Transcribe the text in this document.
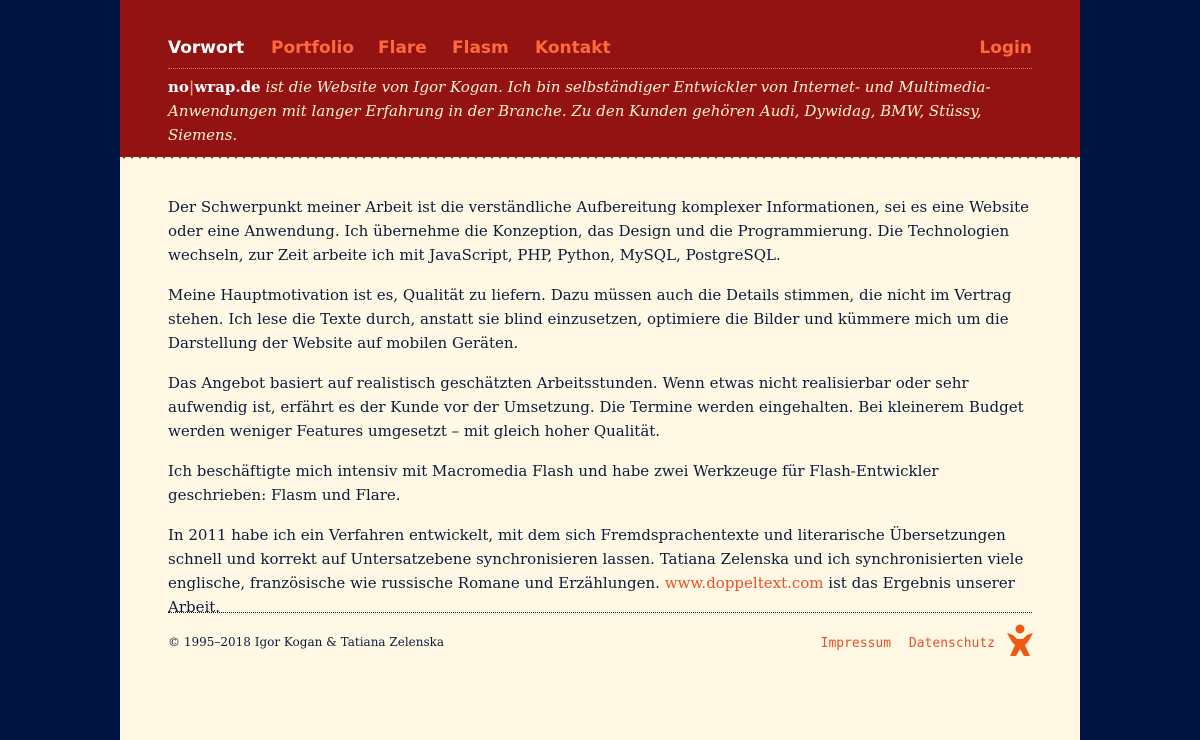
Vorwort Portfolio Flare Flasm Kontakt	Login
no|wrap.de ist die Website von Igor Kogan. Ich bin selbständiger Entwickler von Internet- und Multimedia-Anwendungen mit langer Erfahrung in der Branche. Zu den Kunden gehören Audi, Dywidag, BMW, Stüssy, Siemens.

Der Schwerpunkt meiner Arbeit ist die verständliche Aufbereitung komplexer Informationen, sei es eine Website oder eine Anwendung. Ich übernehme die Konzeption, das Design und die Programmierung. Die Technologien wechseln, zur Zeit arbeite ich mit JavaScript, PHP, Python, MySQL, PostgreSQL.

Meine Hauptmotivation ist es, Qualität zu liefern. Dazu müssen auch die Details stimmen, die nicht im Vertrag stehen. Ich lese die Texte durch, anstatt sie blind einzusetzen, optimiere die Bilder und kümmere mich um die Darstellung der Website auf mobilen Geräten.

Das Angebot basiert auf realistisch geschätzten Arbeitsstunden. Wenn etwas nicht realisierbar oder sehr aufwendig ist, erfährt es der Kunde vor der Umsetzung. Die Termine werden eingehalten. Bei kleinerem Budget werden weniger Features umgesetzt – mit gleich hoher Qualität.

Ich beschäftigte mich intensiv mit Macromedia Flash und habe zwei Werkzeuge für Flash-Entwickler geschrieben: Flasm und Flare.

In 2011 habe ich ein Verfahren entwickelt, mit dem sich Fremdsprachentexte und literarische Übersetzungen schnell und korrekt auf Untersatzebene synchronisieren lassen. Tatiana Zelenska und ich synchronisierten viele englische, französische wie russische Romane und Erzählungen. www.doppeltext.com ist das Ergebnis unserer Arbeit.

© 1995–2018 Igor Kogan & Tatiana Zelenska	Impressum Datenschutz
